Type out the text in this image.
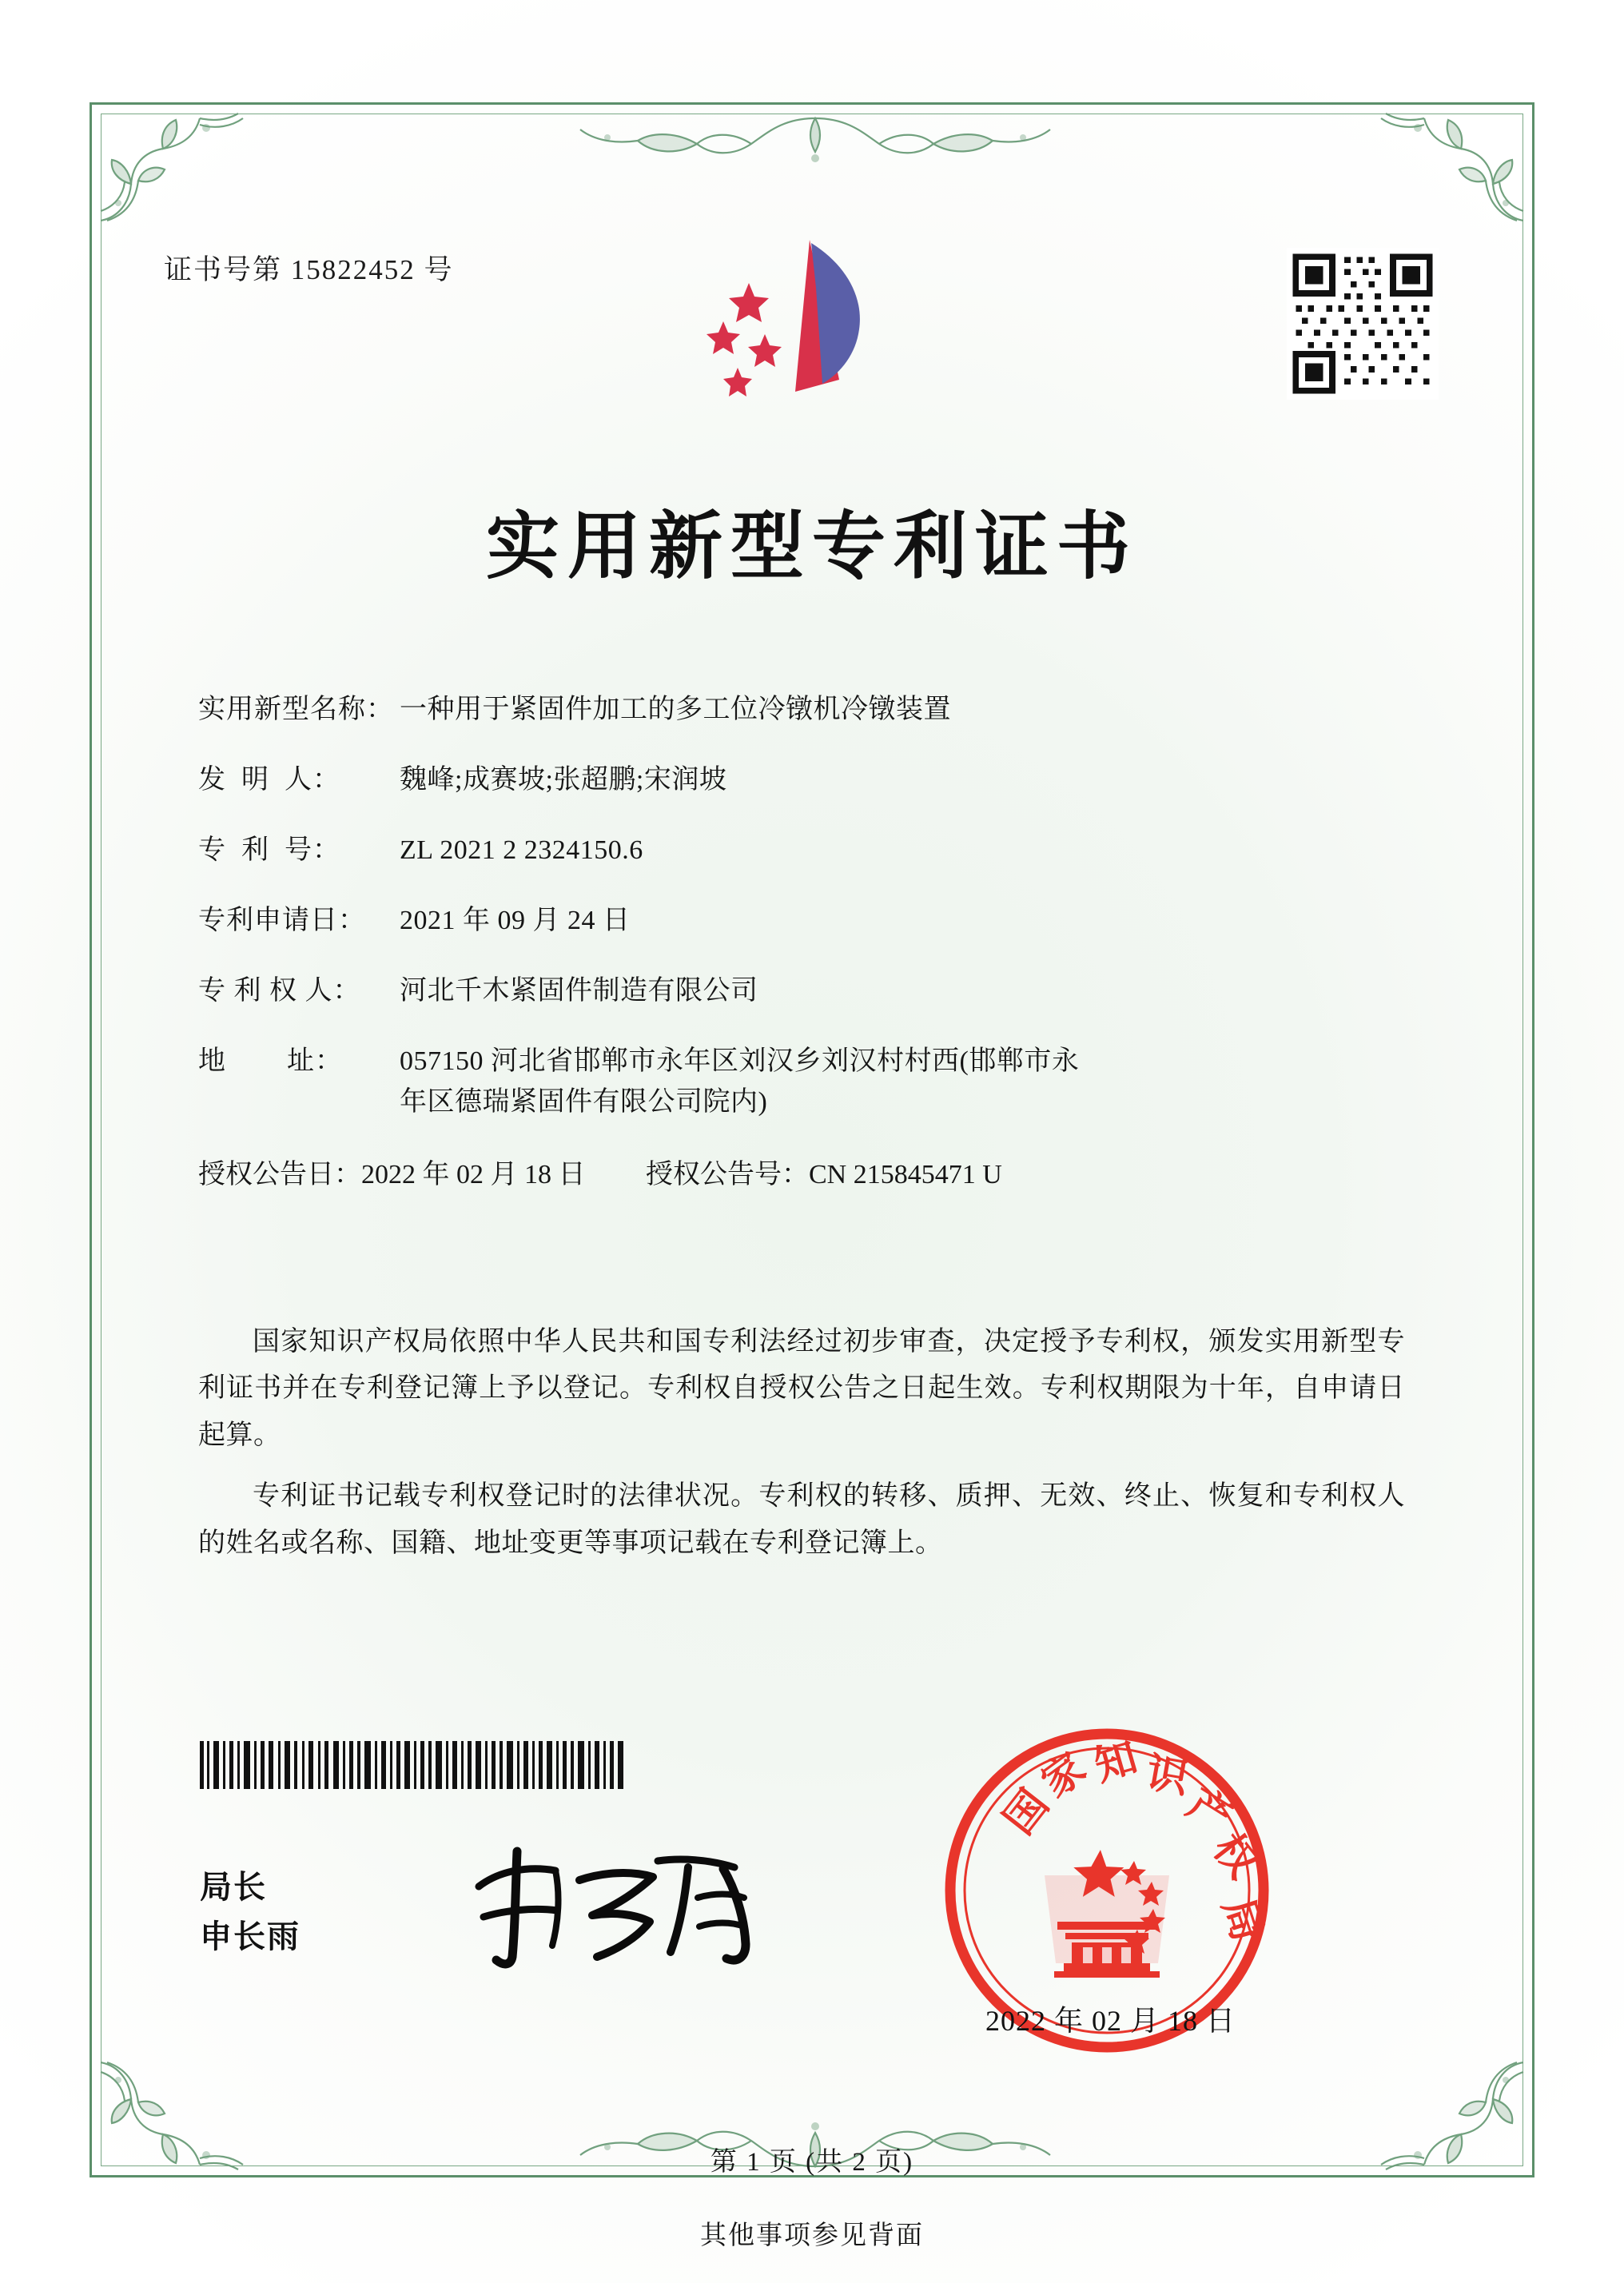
证书号第 15822452 号
实用新型专利证书
实用新型名称： 一种用于紧固件加工的多工位冷镦机冷镦装置
发  明  人：	魏峰;成赛坡;张超鹏;宋润坡
专  利  号：	ZL 2021 2 2324150.6
专利申请日：	2021 年 09 月 24 日
专 利 权 人：	河北千木紧固件制造有限公司
地        址：	057150 河北省邯郸市永年区刘汉乡刘汉村村西(邯郸市永
年区德瑞紧固件有限公司院内)
授权公告日：2022 年 02 月 18 日	授权公告号：CN 215845471 U

国家知识产权局依照中华人民共和国专利法经过初步审查，决定授予专利权，颁发实用新型专利证书并在专利登记簿上予以登记。专利权自授权公告之日起生效。专利权期限为十年，自申请日起算。

专利证书记载专利权登记时的法律状况。专利权的转移、质押、无效、终止、恢复和专利权人的姓名或名称、国籍、地址变更等事项记载在专利登记簿上。

局长
申长雨
国
家
知 识
产
权
局
2022 年 02 月 18 日
第 1 页 (共 2 页)
其他事项参见背面
